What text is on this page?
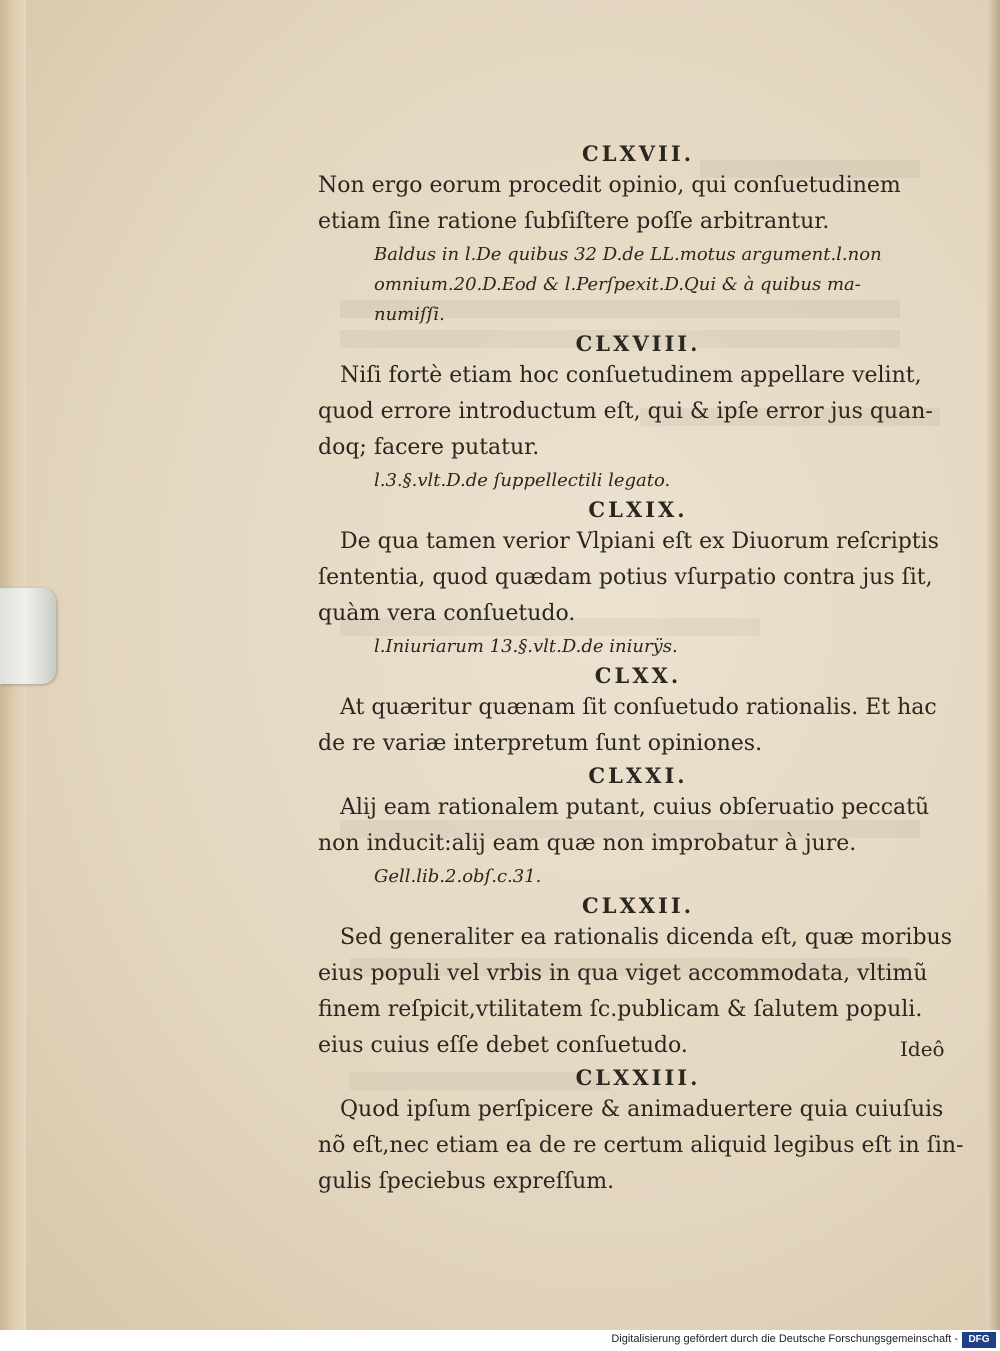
CLXVII.
Non ergo eorum procedit opinio, qui conſuetudinem
etiam ſine ratione ſubſiſtere poſſe arbitrantur.
Baldus in l.De quibus 32 D.de LL.motus argument.l.non
omnium.20.D.Eod & l.Perſpexit.D.Qui & à quibus ma-
numiſſi.
CLXVIII.
Niſi fortè etiam hoc conſuetudinem appellare velint,
quod errore introductum eſt, qui & ipſe error jus quan-
doq; facere putatur.
l.3.§.vlt.D.de ſuppellectili legato.
CLXIX.
De qua tamen verior Vlpiani eſt ex Diuorum reſcriptis
ſententia, quod quædam potius vſurpatio contra jus ſit,
quàm vera conſuetudo.
l.Iniuriarum 13.§.vlt.D.de iniurÿs.
CLXX.
At quæritur quænam ſit conſuetudo rationalis. Et hac
de re variæ interpretum ſunt opiniones.
CLXXI.
Alij eam rationalem putant, cuius obſeruatio peccatũ
non inducit:alij eam quæ non improbatur à jure.
Gell.lib.2.obſ.c.31.
CLXXII.
Sed generaliter ea rationalis dicenda eſt, quæ moribus
eius populi vel vrbis in qua viget accommodata, vltimũ
finem reſpicit,vtilitatem ſc.publicam & ſalutem populi.
eius cuius eſſe debet conſuetudo.
CLXXIII.
Quod ipſum perſpicere & animaduertere quia cuiuſuis
nõ eſt,nec etiam ea de re certum aliquid legibus eſt in ſin-
gulis ſpeciebus expreſſum.
Ideô
Digitalisierung gefördert durch die Deutsche Forschungsgemeinschaft -	DFG
